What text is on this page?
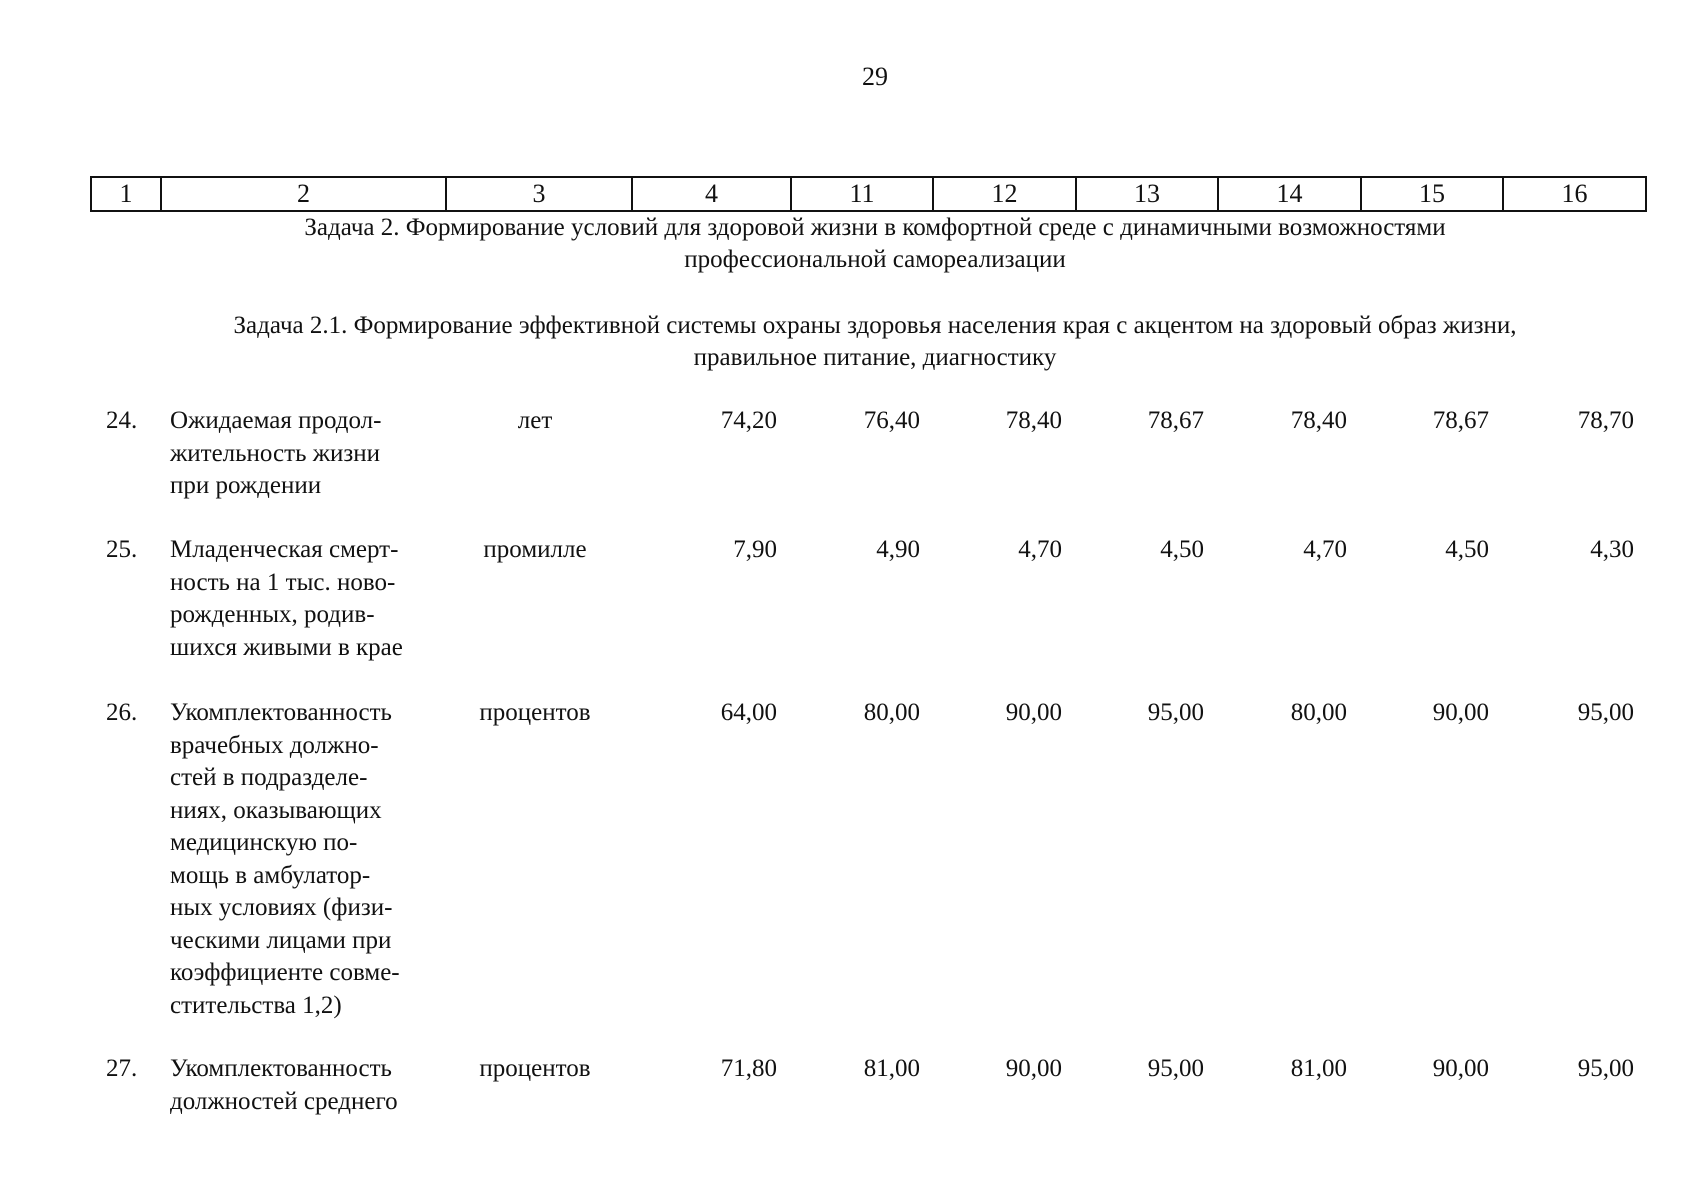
29
1	2	3	4	11	12	13	14	15	16
Задача 2. Формирование условий для здоровой жизни в комфортной среде с динамичными возможностями
профессиональной самореализации
Задача 2.1. Формирование эффективной системы охраны здоровья населения края с акцентом на здоровый образ жизни,
правильное питание, диагностику
24. Ожидаемая продол-
жительность жизни
при рождении
лет	74,20	76,40	78,40	78,67	78,40	78,67	78,70
25. Младенческая смерт-
ность на 1 тыс. ново-
рожденных, родив-
шихся живыми в крае
промилле	7,90	4,90	4,70	4,50	4,70	4,50	4,30
26. Укомплектованность
врачебных должно-
стей в подразделе-
ниях, оказывающих
медицинскую по-
мощь в амбулатор-
ных условиях (физи-
ческими лицами при
коэффициенте совме-
стительства 1,2)
процентов	64,00	80,00	90,00	95,00	80,00	90,00	95,00
27. Укомплектованность
должностей среднего
процентов	71,80	81,00	90,00	95,00	81,00	90,00	95,00
